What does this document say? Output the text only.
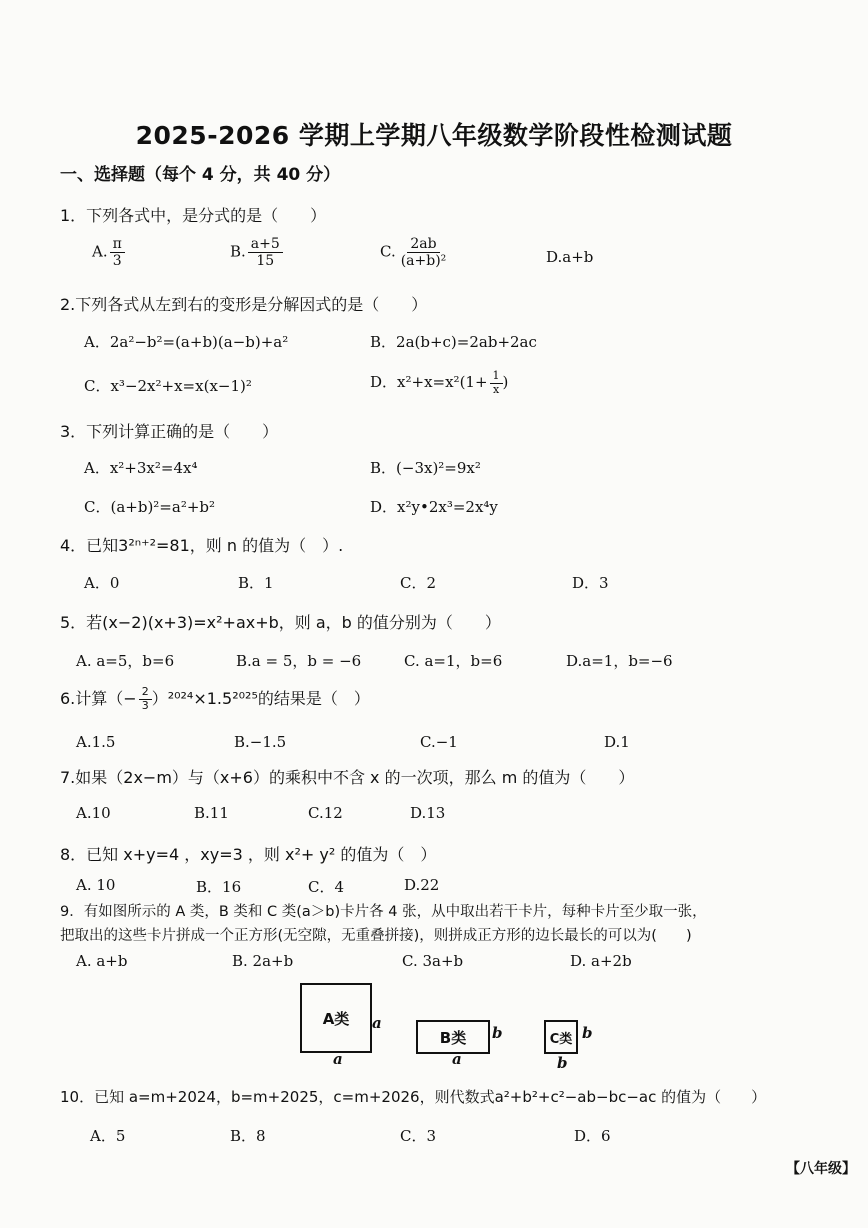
2025-2026 学期上学期八年级数学阶段性检测试题
一、选择题（每个 4 分，共 40 分）
1．下列各式中，是分式的是（　　）
A. $\frac{\pi}{3}$	B. $\frac{a+5}{15}$	C. $\frac{2ab}{\text{(a+b)²}}$	D.a+b
2.下列各式从左到右的变形是分解因式的是（　　）
A．2a²−b²=(a+b)(a−b)+a²	B．2a(b+c)=2ab+2ac
C．x³−2x²+x=x(x−1)²	D．$x^2+x=x^2(1+ \frac{1}{x}$ )
3．下列计算正确的是（　　）
A．x²+3x²=4x⁴	B．(−3x)²=9x²
C．(a+b)²=a²+b²	D．x²y•2x³=2x⁴y
4．已知3²ⁿ⁺²=81，则 n 的值为（　）.
A．0	B．1	C．2	D．3
5．若(x−2)(x+3)=x²+ax+b，则 a，b 的值分别为（　　）
A. a=5，b=6	B.a = 5，b = −6	C. a=1，b=6	D.a=1，b=−6
6.计算（− $\frac{2}{3} )^{2024}\times 1.5^{2025}$的结果是（　）
A.1.5	B.−1.5	C.−1	D.1
7.如果（2x−m）与（x+6）的乘积中不含 x 的一次项，那么 m 的值为（　　）
A.10	B.11	C.12	D.13
8．已知 x+y=4 ，xy=3 ，则 x²+ y² 的值为（　）
A. 10	B．16	C．4	D.22
9．有如图所示的 A 类，B 类和 C 类(a＞b)卡片各 4 张，从中取出若干卡片，每种卡片至少取一张，
把取出的这些卡片拼成一个正方形(无空隙，无重叠拼接)，则拼成正方形的边长最长的可以为(　　)
A. a+b	B. 2a+b	C. 3a+b	D. a+2b
A类 a
a
B类 b
a
C类 b
b
10．已知 a=m+2024，b=m+2025，c=m+2026，则代数式a²+b²+c²−ab−bc−ac 的值为（　　）
A．5	B．8	C．3	D．6
【八年级】
